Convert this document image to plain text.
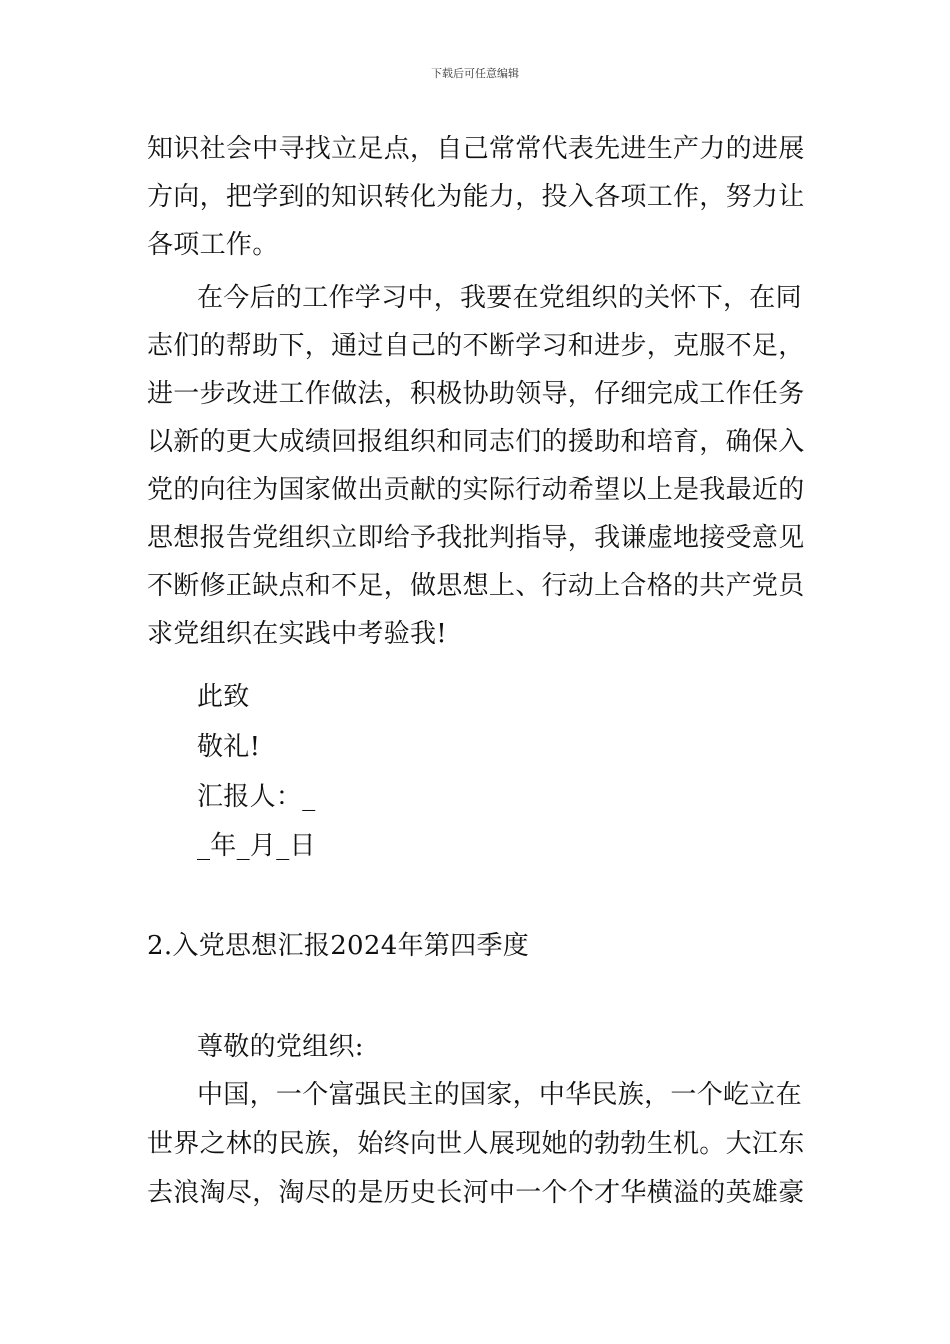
下载后可任意编辑
知识社会中寻找立足点，自己常常代表先进生产力的进展
方向，把学到的知识转化为能力，投入各项工作，努力让
各项工作。
在今后的工作学习中，我要在党组织的关怀下，在同
志们的帮助下，通过自己的不断学习和进步，克服不足，
进一步改进工作做法，积极协助领导，仔细完成工作任务
以新的更大成绩回报组织和同志们的援助和培育，确保入
党的向往为国家做出贡献的实际行动希望以上是我最近的
思想报告党组织立即给予我批判指导，我谦虚地接受意见
不断修正缺点和不足，做思想上、行动上合格的共产党员
求党组织在实践中考验我!
此致
敬礼!
汇报人：_
_年_月_日
2.入党思想汇报2024年第四季度
尊敬的党组织:
中国，一个富强民主的国家，中华民族，一个屹立在
世界之林的民族，始终向世人展现她的勃勃生机。大江东
去浪淘尽，淘尽的是历史长河中一个个才华横溢的英雄豪
